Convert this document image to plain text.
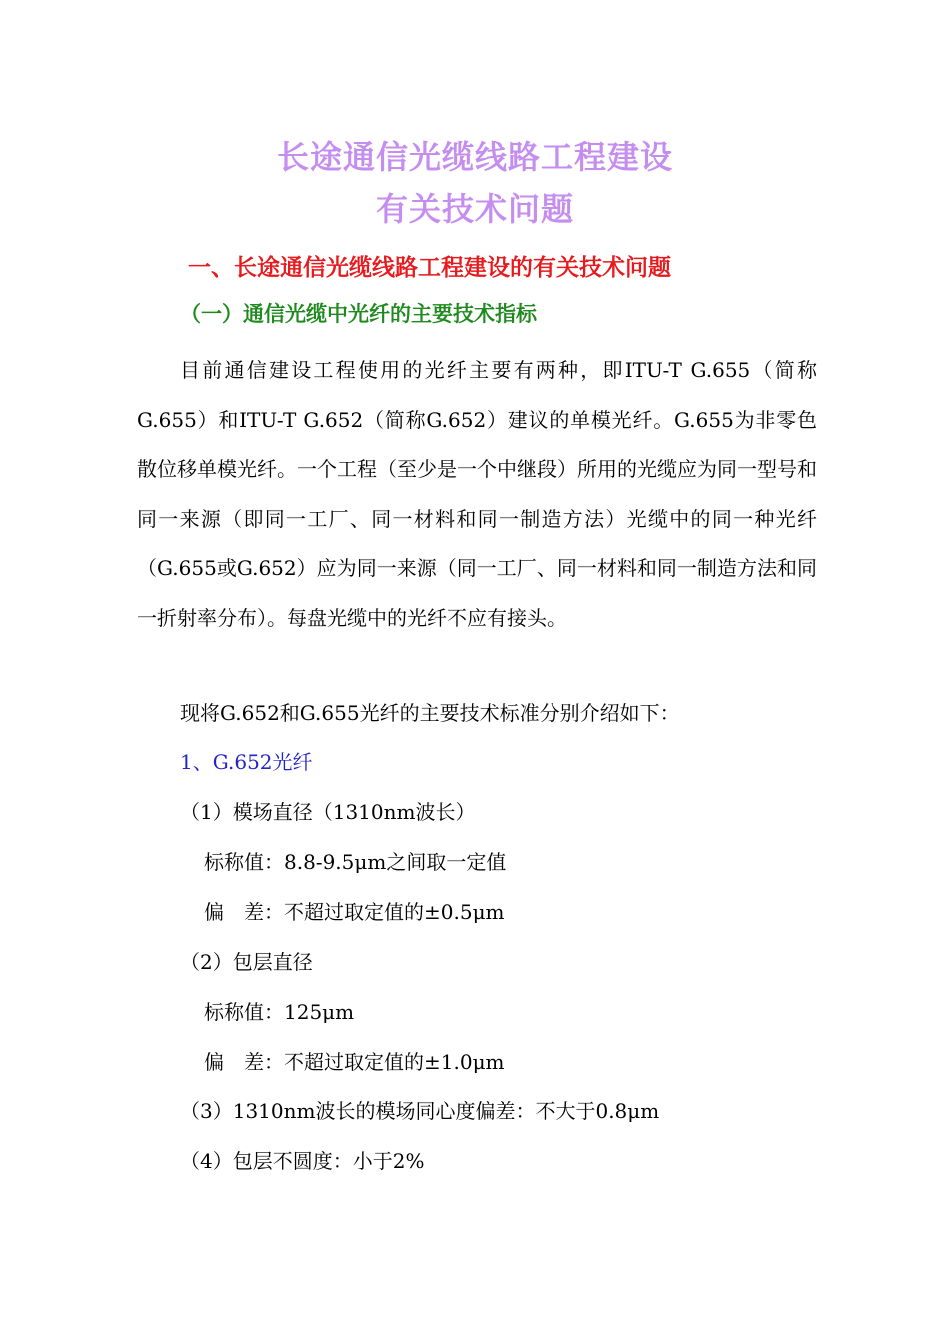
长途通信光缆线路工程建设
有关技术问题
一、长途通信光缆线路工程建设的有关技术问题
（一）通信光缆中光纤的主要技术指标
目前通信建设工程使用的光纤主要有两种，即ITU-T G.655（简称G.655）和ITU-T G.652（简称G.652）建议的单模光纤。G.655为非零色散位移单模光纤。一个工程（至少是一个中继段）所用的光缆应为同一型号和同一来源（即同一工厂、同一材料和同一制造方法）光缆中的同一种光纤（G.655或G.652）应为同一来源（同一工厂、同一材料和同一制造方法和同一折射率分布）。每盘光缆中的光纤不应有接头。
现将G.652和G.655光纤的主要技术标准分别介绍如下：
1、G.652光纤
（1）模场直径（1310nm波长）
标称值：8.8-9.5μm之间取一定值
偏　差：不超过取定值的±0.5μm
（2）包层直径
标称值：125μm
偏　差：不超过取定值的±1.0μm
（3）1310nm波长的模场同心度偏差：不大于0.8μm
（4）包层不圆度：小于2%
